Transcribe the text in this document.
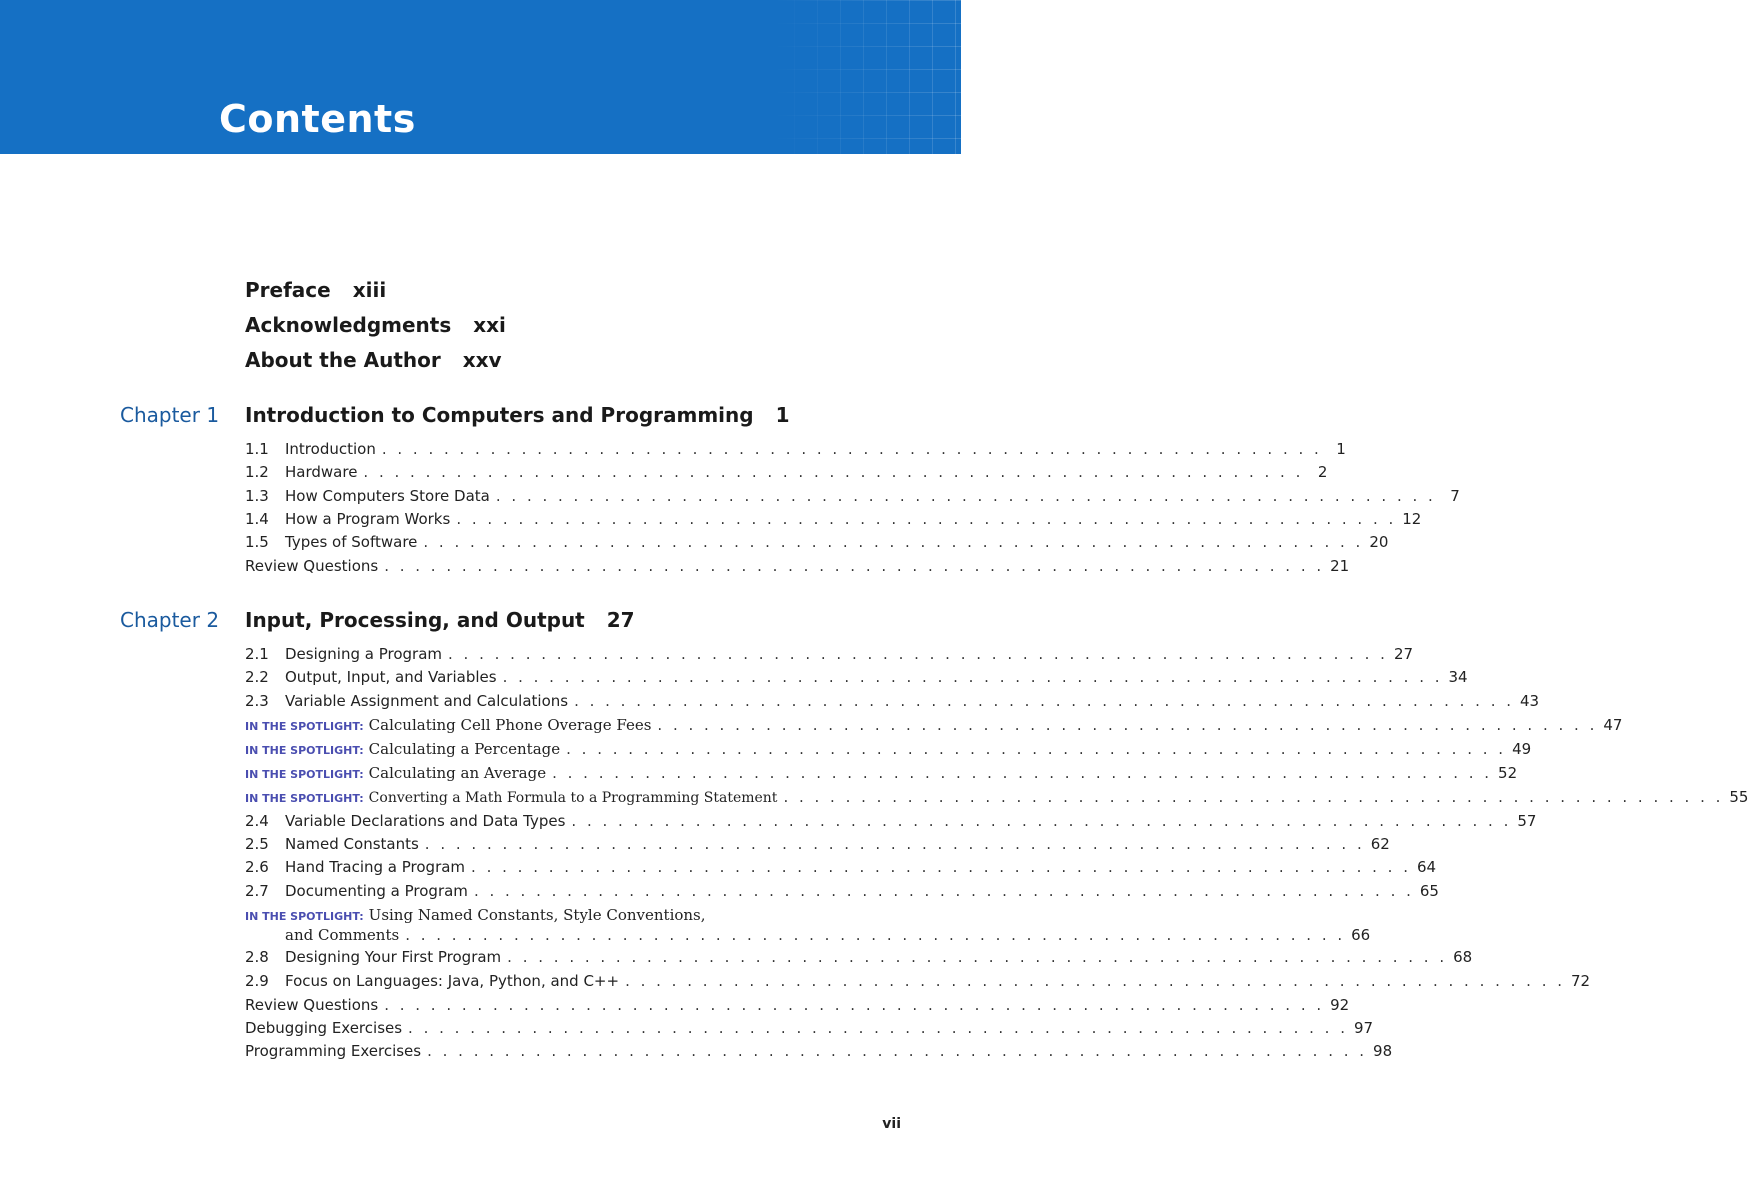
Contents
Preface xiii
Acknowledgments xxi
About the Author xxv
Chapter 1 Introduction to Computers and Programming 1
1.1	Introduction . . . . . . . . . . . . . . . . . . . . . . . . . . . . . . . . . . . . . . . . . . . . . . . . . . . . . . . . . . . . . 1
1.2	Hardware . . . . . . . . . . . . . . . . . . . . . . . . . . . . . . . . . . . . . . . . . . . . . . . . . . . . . . . . . . . . . 2
1.3	How Computers Store Data . . . . . . . . . . . . . . . . . . . . . . . . . . . . . . . . . . . . . . . . . . . . . . . . . . . . . . . . . . . . . 7
1.4	How a Program Works . . . . . . . . . . . . . . . . . . . . . . . . . . . . . . . . . . . . . . . . . . . . . . . . . . . . . . . . . . . . . 12
1.5	Types of Software . . . . . . . . . . . . . . . . . . . . . . . . . . . . . . . . . . . . . . . . . . . . . . . . . . . . . . . . . . . . . 20
Review Questions . . . . . . . . . . . . . . . . . . . . . . . . . . . . . . . . . . . . . . . . . . . . . . . . . . . . . . . . . . . . . 21
Chapter 2 Input, Processing, and Output 27
2.1	Designing a Program . . . . . . . . . . . . . . . . . . . . . . . . . . . . . . . . . . . . . . . . . . . . . . . . . . . . . . . . . . . . . 27
2.2	Output, Input, and Variables . . . . . . . . . . . . . . . . . . . . . . . . . . . . . . . . . . . . . . . . . . . . . . . . . . . . . . . . . . . . . 34
2.3	Variable Assignment and Calculations . . . . . . . . . . . . . . . . . . . . . . . . . . . . . . . . . . . . . . . . . . . . . . . . . . . . . . . . . . . . . 43
IN THE SPOTLIGHT: Calculating Cell Phone Overage Fees . . . . . . . . . . . . . . . . . . . . . . . . . . . . . . . . . . . . . . . . . . . . . . . . . . . . . . . . . . . . . 47
IN THE SPOTLIGHT: Calculating a Percentage . . . . . . . . . . . . . . . . . . . . . . . . . . . . . . . . . . . . . . . . . . . . . . . . . . . . . . . . . . . . . 49
IN THE SPOTLIGHT: Calculating an Average . . . . . . . . . . . . . . . . . . . . . . . . . . . . . . . . . . . . . . . . . . . . . . . . . . . . . . . . . . . . . 52
IN THE SPOTLIGHT: Converting a Math Formula to a Programming Statement . . . . . . . . . . . . . . . . . . . . . . . . . . . . . . . . . . . . . . . . . . . . . . . . . . . . . . . . . . . . . 55
2.4	Variable Declarations and Data Types . . . . . . . . . . . . . . . . . . . . . . . . . . . . . . . . . . . . . . . . . . . . . . . . . . . . . . . . . . . . . 57
2.5	Named Constants . . . . . . . . . . . . . . . . . . . . . . . . . . . . . . . . . . . . . . . . . . . . . . . . . . . . . . . . . . . . . 62
2.6	Hand Tracing a Program . . . . . . . . . . . . . . . . . . . . . . . . . . . . . . . . . . . . . . . . . . . . . . . . . . . . . . . . . . . . . 64
2.7	Documenting a Program . . . . . . . . . . . . . . . . . . . . . . . . . . . . . . . . . . . . . . . . . . . . . . . . . . . . . . . . . . . . . 65
IN THE SPOTLIGHT: Using Named Constants, Style Conventions,
and Comments . . . . . . . . . . . . . . . . . . . . . . . . . . . . . . . . . . . . . . . . . . . . . . . . . . . . . . . . . . . . . 66
2.8	Designing Your First Program . . . . . . . . . . . . . . . . . . . . . . . . . . . . . . . . . . . . . . . . . . . . . . . . . . . . . . . . . . . . . 68
2.9	Focus on Languages: Java, Python, and C++ . . . . . . . . . . . . . . . . . . . . . . . . . . . . . . . . . . . . . . . . . . . . . . . . . . . . . . . . . . . . . 72
Review Questions . . . . . . . . . . . . . . . . . . . . . . . . . . . . . . . . . . . . . . . . . . . . . . . . . . . . . . . . . . . . . 92
Debugging Exercises . . . . . . . . . . . . . . . . . . . . . . . . . . . . . . . . . . . . . . . . . . . . . . . . . . . . . . . . . . . . . 97
Programming Exercises . . . . . . . . . . . . . . . . . . . . . . . . . . . . . . . . . . . . . . . . . . . . . . . . . . . . . . . . . . . . . 98
vii
